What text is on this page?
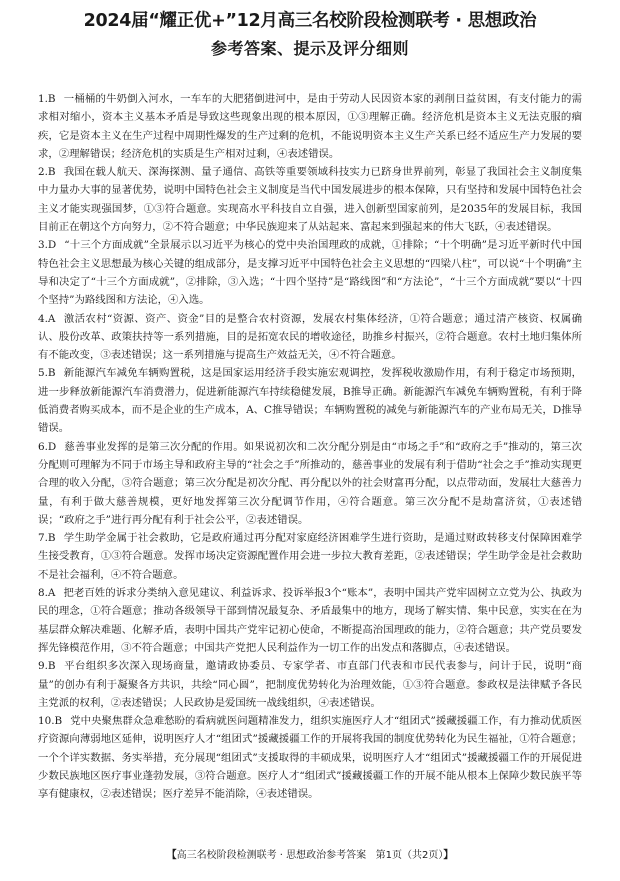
2024届“耀正优+”12月高三名校阶段检测联考 · 思想政治
参考答案、提示及评分细则
1.B 一桶桶的牛奶倒入河水，一车车的大肥猪倒进河中，是由于劳动人民因资本家的剥削日益贫困，有支付能力的需求相对缩小，资本主义基本矛盾是导致这些现象出现的根本原因，①③理解正确。经济危机是资本主义无法克服的痼疾，它是资本主义在生产过程中周期性爆发的生产过剩的危机，不能说明资本主义生产关系已经不适应生产力发展的要求，②理解错误；经济危机的实质是生产相对过剩，④表述错误。
2.B 我国在载人航天、深海探测、量子通信、高铁等重要领域科技实力已跻身世界前列，彰显了我国社会主义制度集中力量办大事的显著优势，说明中国特色社会主义制度是当代中国发展进步的根本保障，只有坚持和发展中国特色社会主义才能实现强国梦，①③符合题意。实现高水平科技自立自强，进入创新型国家前列，是2035年的发展目标，我国目前正在朝这个方向努力，②不符合题意；中华民族迎来了从站起来、富起来到强起来的伟大飞跃，④表述错误。
3.D “十三个方面成就”全景展示以习近平为核心的党中央治国理政的成就，①排除；“十个明确”是习近平新时代中国特色社会主义思想最为核心关键的组成部分，是支撑习近平中国特色社会主义思想的“四梁八柱”，可以说“十个明确”主导和决定了“十三个方面成就”，②排除，③入选；“十四个坚持”是“路线图”和“方法论”，“十三个方面成就”要以“十四个坚持”为路线图和方法论，④入选。
4.A 激活农村“资源、资产、资金”目的是整合农村资源，发展农村集体经济，①符合题意；通过清产核资、权属确认、股份改革、政策扶持等一系列措施，目的是拓宽农民的增收途径，助推乡村振兴，②符合题意。农村土地归集体所有不能改变，③表述错误；这一系列措施与提高生产效益无关，④不符合题意。
5.B 新能源汽车减免车辆购置税，这是国家运用经济手段实施宏观调控，发挥税收激励作用，有利于稳定市场预期，进一步释放新能源汽车消费潜力，促进新能源汽车持续稳健发展，B推导正确。新能源汽车减免车辆购置税，有利于降低消费者购买成本，而不是企业的生产成本，A、C推导错误；车辆购置税的减免与新能源汽车的产业布局无关，D推导错误。
6.D 慈善事业发挥的是第三次分配的作用。如果说初次和二次分配分别是由“市场之手”和“政府之手”推动的，第三次分配则可理解为不同于市场主导和政府主导的“社会之手”所推动的，慈善事业的发展有利于借助“社会之手”推动实现更合理的收入分配，③符合题意；第三次分配是初次分配、再分配以外的社会财富再分配，以点带动面，发展壮大慈善力量，有利于做大慈善规模，更好地发挥第三次分配调节作用，④符合题意。第三次分配不是劫富济贫，①表述错误；“政府之手”进行再分配有利于社会公平，②表述错误。
7.B 学生助学金属于社会救助，它是政府通过再分配对家庭经济困难学生进行资助，是通过财政转移支付保障困难学生接受教育，①③符合题意。发挥市场决定资源配置作用会进一步拉大教育差距，②表述错误；学生助学金是社会救助不是社会福利，④不符合题意。
8.A 把老百姓的诉求分类纳入意见建议、利益诉求、投诉举报3个“账本”，表明中国共产党牢固树立立党为公、执政为民的理念，①符合题意；推动各级领导干部到情况最复杂、矛盾最集中的地方，现场了解实情、集中民意，实实在在为基层群众解决难题、化解矛盾，表明中国共产党牢记初心使命，不断提高治国理政的能力，②符合题意；共产党员要发挥先锋模范作用，③不符合题意；中国共产党把人民利益作为一切工作的出发点和落脚点，④表述错误。
9.B 平台组织多次深入现场商量，邀请政协委员、专家学者、市直部门代表和市民代表参与，问计于民，说明“商量”的创办有利于凝聚各方共识，共绘“同心圆”，把制度优势转化为治理效能，①③符合题意。参政权是法律赋予各民主党派的权利，②表述错误；人民政协是爱国统一战线组织，④表述错误。
10.B 党中央聚焦群众急难愁盼的看病就医问题精准发力，组织实施医疗人才“组团式”援藏援疆工作，有力推动优质医疗资源向薄弱地区延伸，说明医疗人才“组团式”援藏援疆工作的开展将我国的制度优势转化为民生福祉，①符合题意；一个个详实数据、务实举措，充分展现“组团式”支援取得的丰硕成果，说明医疗人才“组团式”援藏援疆工作的开展促进少数民族地区医疗事业蓬勃发展，③符合题意。医疗人才“组团式”援藏援疆工作的开展不能从根本上保障少数民族平等享有健康权，②表述错误；医疗差异不能消除，④表述错误。
【高三名校阶段检测联考 · 思想政治参考答案 第1页（共2页）】
